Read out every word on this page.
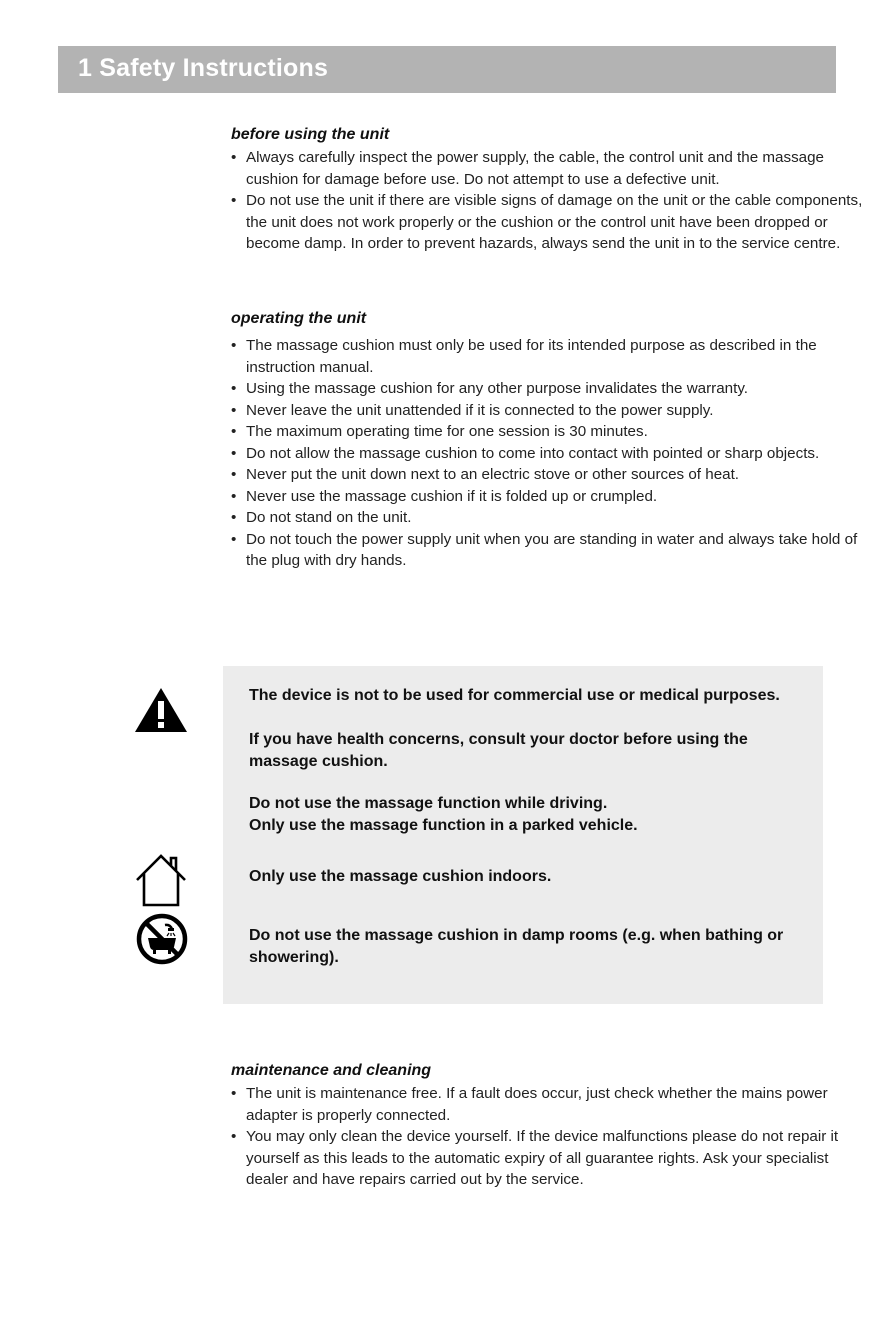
1 Safety Instructions
before using the unit
• Always carefully inspect the power supply, the cable, the control unit and the massage cushion for damage before use. Do not attempt to use a defective unit.
• Do not use the unit if there are visible signs of damage on the unit or the cable components, the unit does not work properly or the cushion or the control unit have been dropped or become damp. In order to prevent hazards, always send the unit in to the service centre.
operating the unit
• The massage cushion must only be used for its intended purpose as described in the instruction manual.
• Using the massage cushion for any other purpose invalidates the warranty.
• Never leave the unit unattended if it is connected to the power supply.
• The maximum operating time for one session is 30 minutes.
• Do not allow the massage cushion to come into contact with pointed or sharp objects.
• Never put the unit down next to an electric stove or other sources of heat.
• Never use the massage cushion if it is folded up or crumpled.
• Do not stand on the unit.
• Do not touch the power supply unit when you are standing in water and always take hold of the plug with dry hands.

The device is not to be used for commercial use or medical purposes.

If you have health concerns, consult your doctor before using the massage cushion.

Do not use the massage function while driving.

Only use the massage function in a parked vehicle.

Only use the massage cushion indoors.

Do not use the massage cushion in damp rooms (e.g. when bathing or showering).

maintenance and cleaning
• The unit is maintenance free. If a fault does occur, just check whether the mains power adapter is properly connected.
• You may only clean the device yourself. If the device malfunctions please do not repair it yourself as this leads to the automatic expiry of all guarantee rights. Ask your specialist dealer and have repairs carried out by the service.
